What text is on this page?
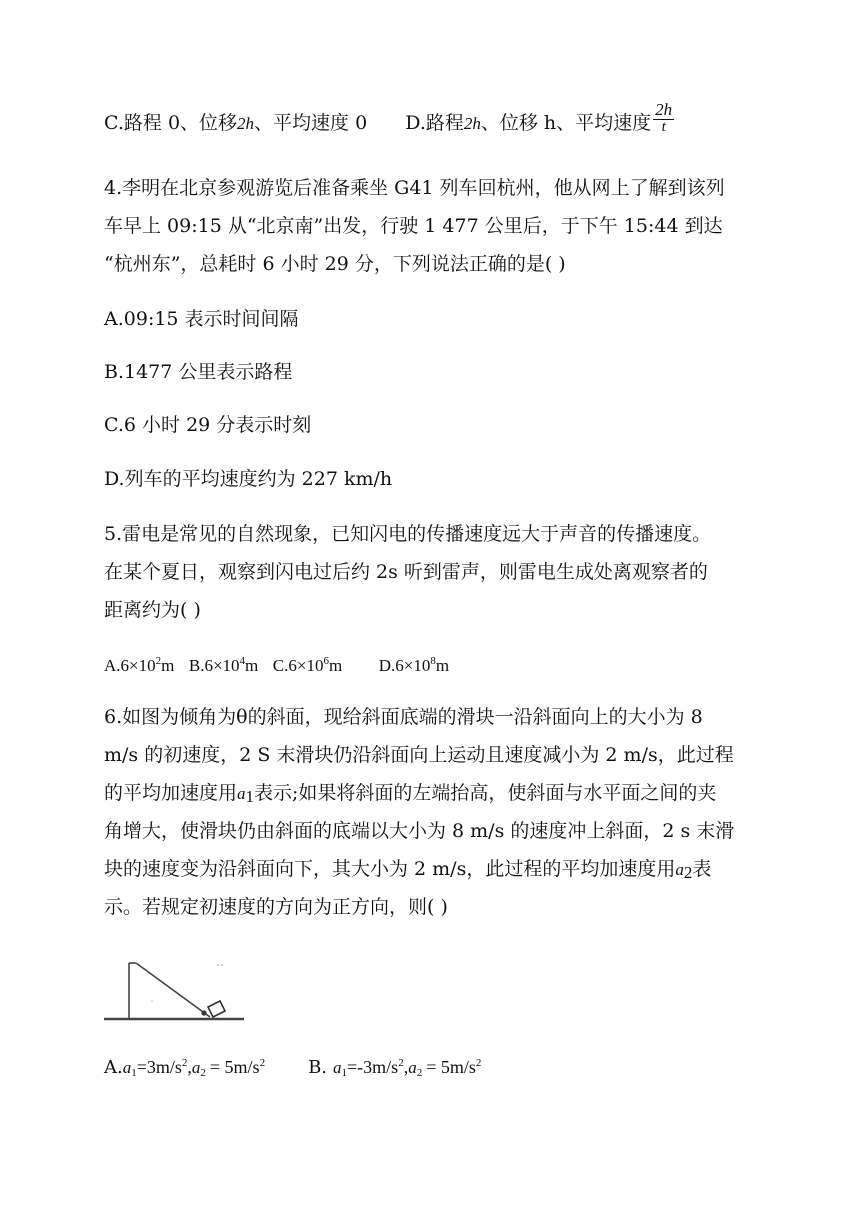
C.路程 0、位移2h、平均速度 0 D.路程2h、位移 h、平均速度 $\frac{2h}{t}$
4.李明在北京参观游览后准备乘坐 G41 列车回杭州，他从网上了解到该列
车早上 09:15 从“北京南”出发，行驶 1 477 公里后，于下午 15:44 到达
“杭州东”，总耗时 6 小时 29 分，下列说法正确的是( )
A.09:15 表示时间间隔
B.1477 公里表示路程
C.6 小时 29 分表示时刻
D.列车的平均速度约为 227 km/h
5.雷电是常见的自然现象，已知闪电的传播速度远大于声音的传播速度。
在某个夏日，观察到闪电过后约 2s 听到雷声，则雷电生成处离观察者的
距离约为( )
$A.6\times 10^2m$ $B.6\times 10^4m$ $C.6\times 10^6m$ $D.6\times 10^8m$
6.如图为倾角为θ的斜面，现给斜面底端的滑块一沿斜面向上的大小为 8
m/s 的初速度，2 S 末滑块仍沿斜面向上运动且速度减小为 2 m/s，此过程
的平均加速度用$a_1$表示;如果将斜面的左端抬高，使斜面与水平面之间的夹
角增大，使滑块仍由斜面的底端以大小为 8 m/s 的速度冲上斜面，2 s 末滑
块的速度变为沿斜面向下，其大小为 2 m/s，此过程的平均加速度用$a_2$表
示。若规定初速度的方向为正方向，则( )
$A.a_1=3m/s^2,a_2 = 5m/s^2$ B. $a_1=-3m/s^2,a_2 = 5m/s^2$
